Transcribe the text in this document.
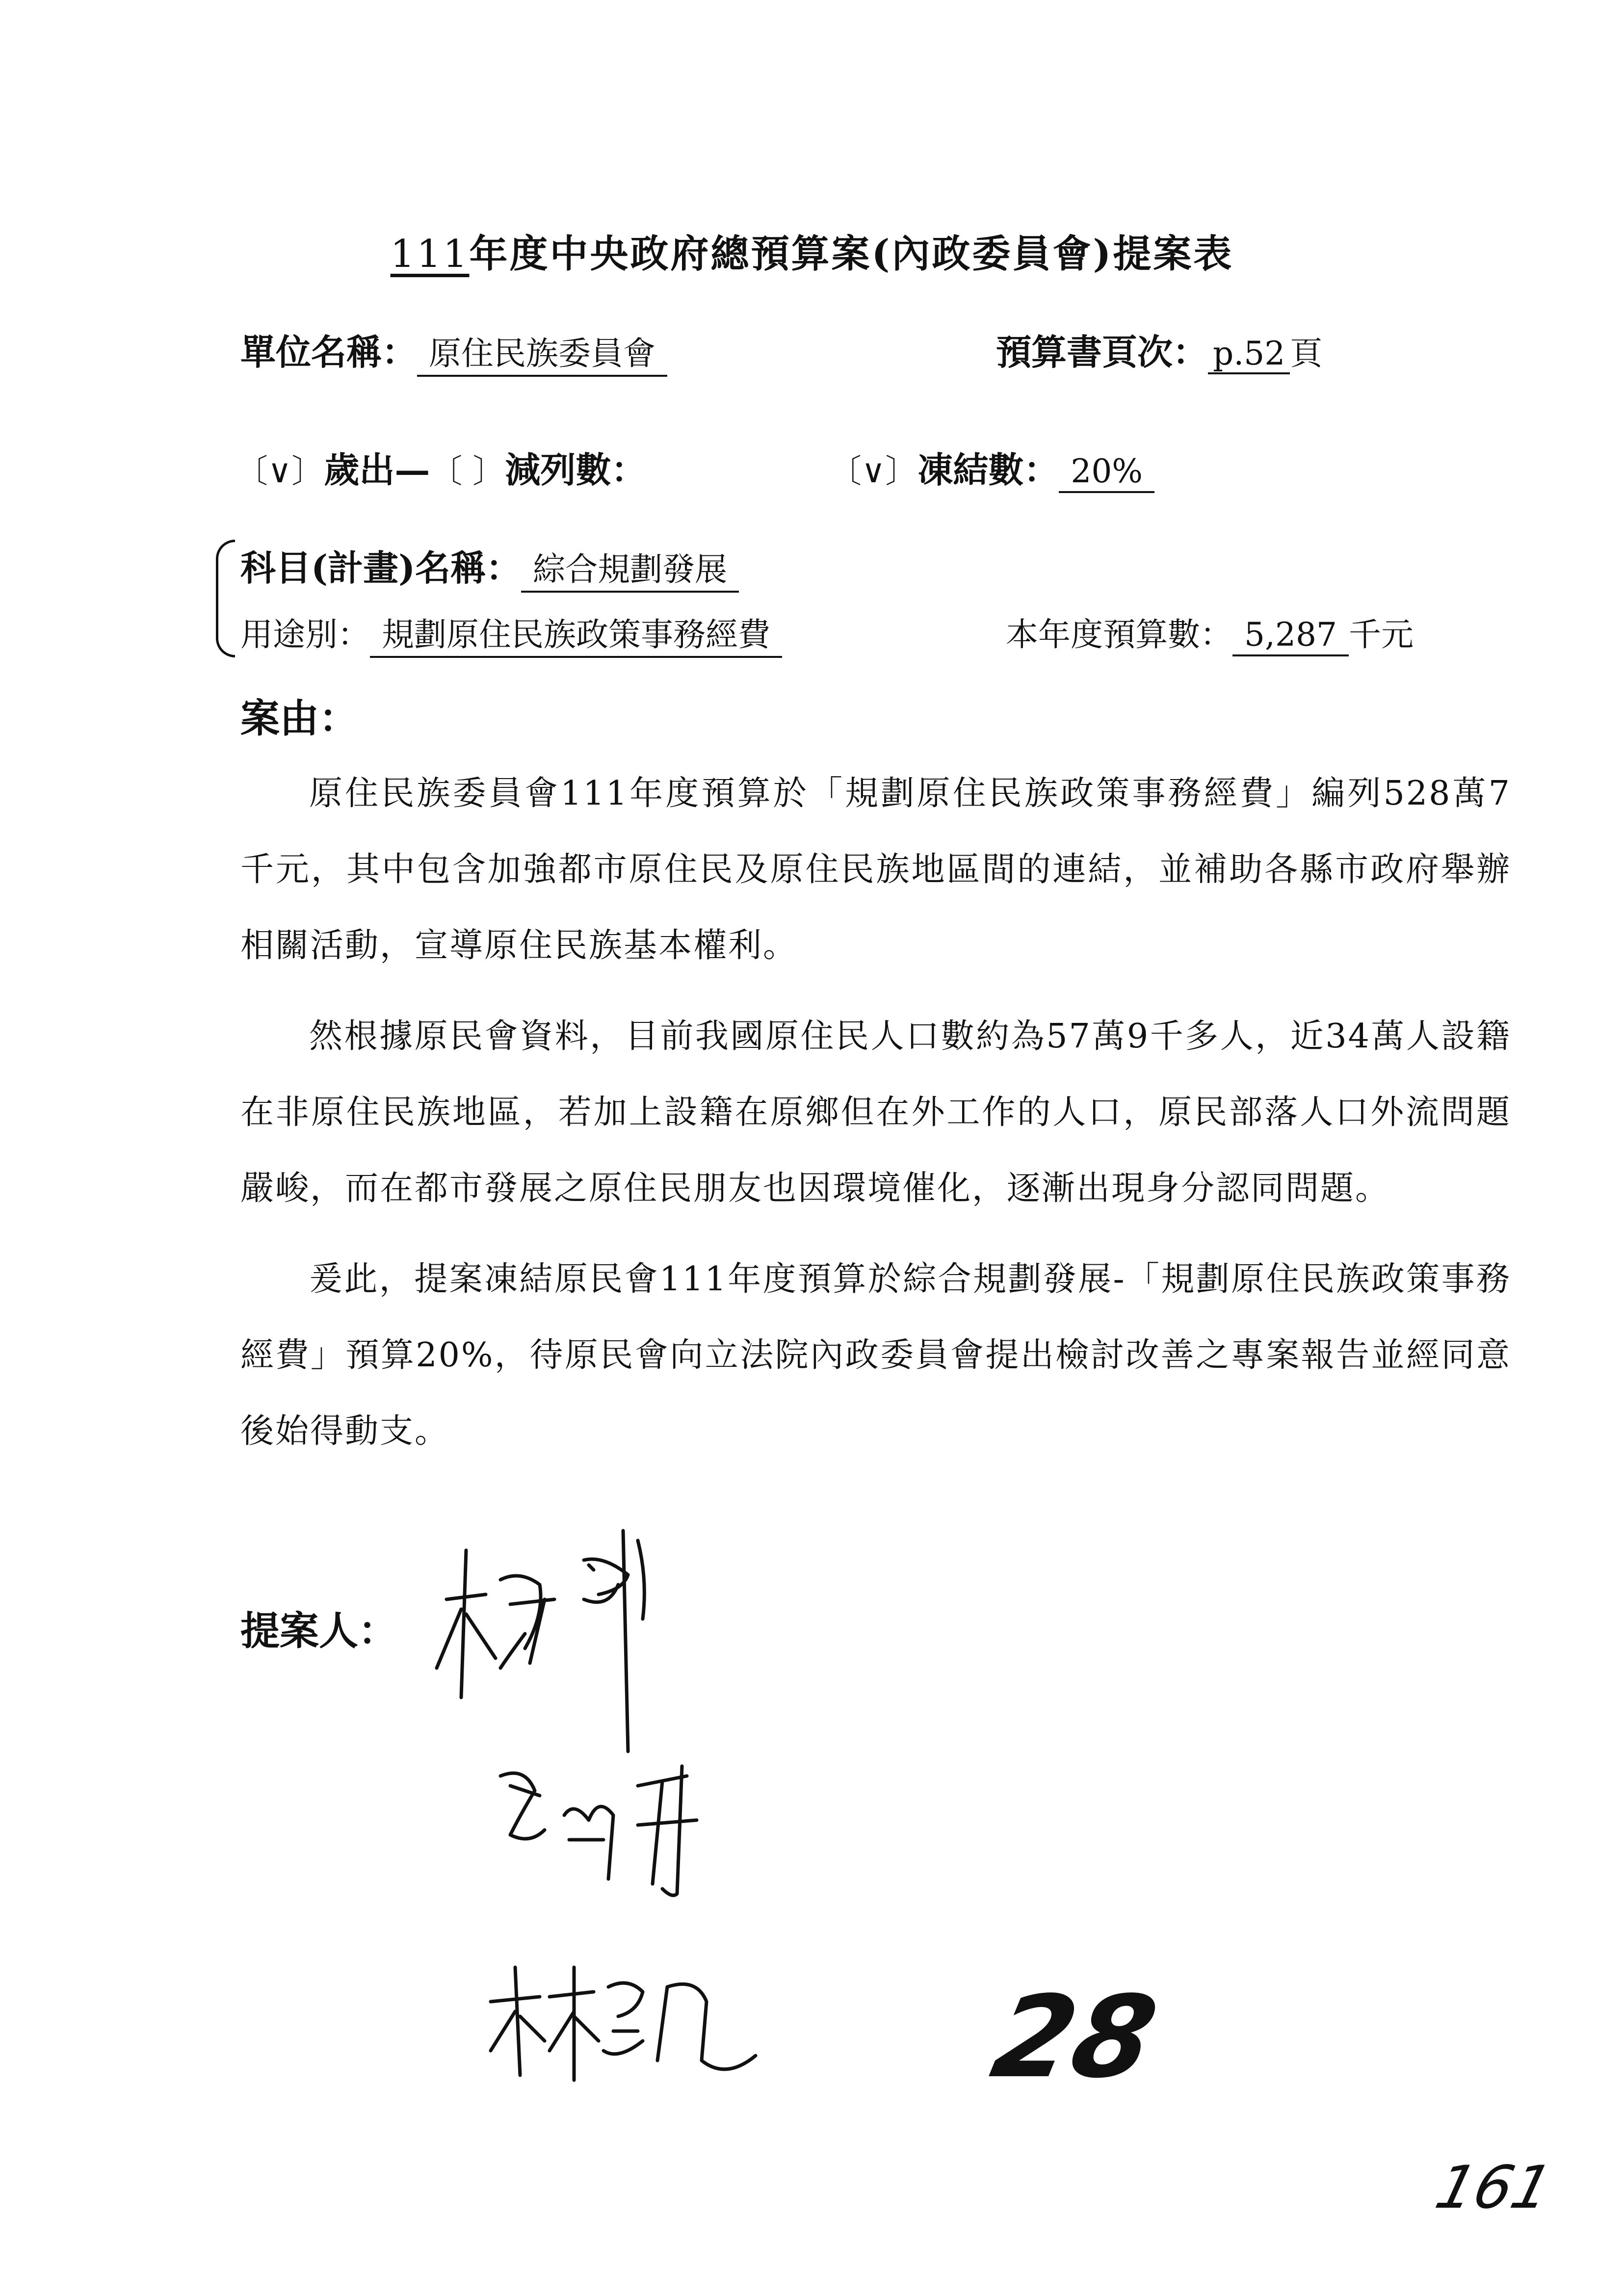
111年度中央政府總預算案(內政委員會)提案表
單位名稱： 原住民族委員會	預算書頁次： p.52 頁
〔∨〕歲出—〔 〕減列數：	〔∨〕凍結數： 20%
科目(計畫)名稱： 綜合規劃發展
用途別： 規劃原住民族政策事務經費	本年度預算數： 5,287 千元
案由：

原住民族委員會111年度預算於「規劃原住民族政策事務經費」編列528萬7千元，其中包含加強都市原住民及原住民族地區間的連結，並補助各縣市政府舉辦相關活動，宣導原住民族基本權利。

然根據原民會資料，目前我國原住民人口數約為57萬9千多人，近34萬人設籍在非原住民族地區，若加上設籍在原鄉但在外工作的人口，原民部落人口外流問題嚴峻，而在都市發展之原住民朋友也因環境催化，逐漸出現身分認同問題。

爰此，提案凍結原民會111年度預算於綜合規劃發展-「規劃原住民族政策事務經費」預算20%，待原民會向立法院內政委員會提出檢討改善之專案報告並經同意後始得動支。

提案人：
28
161
